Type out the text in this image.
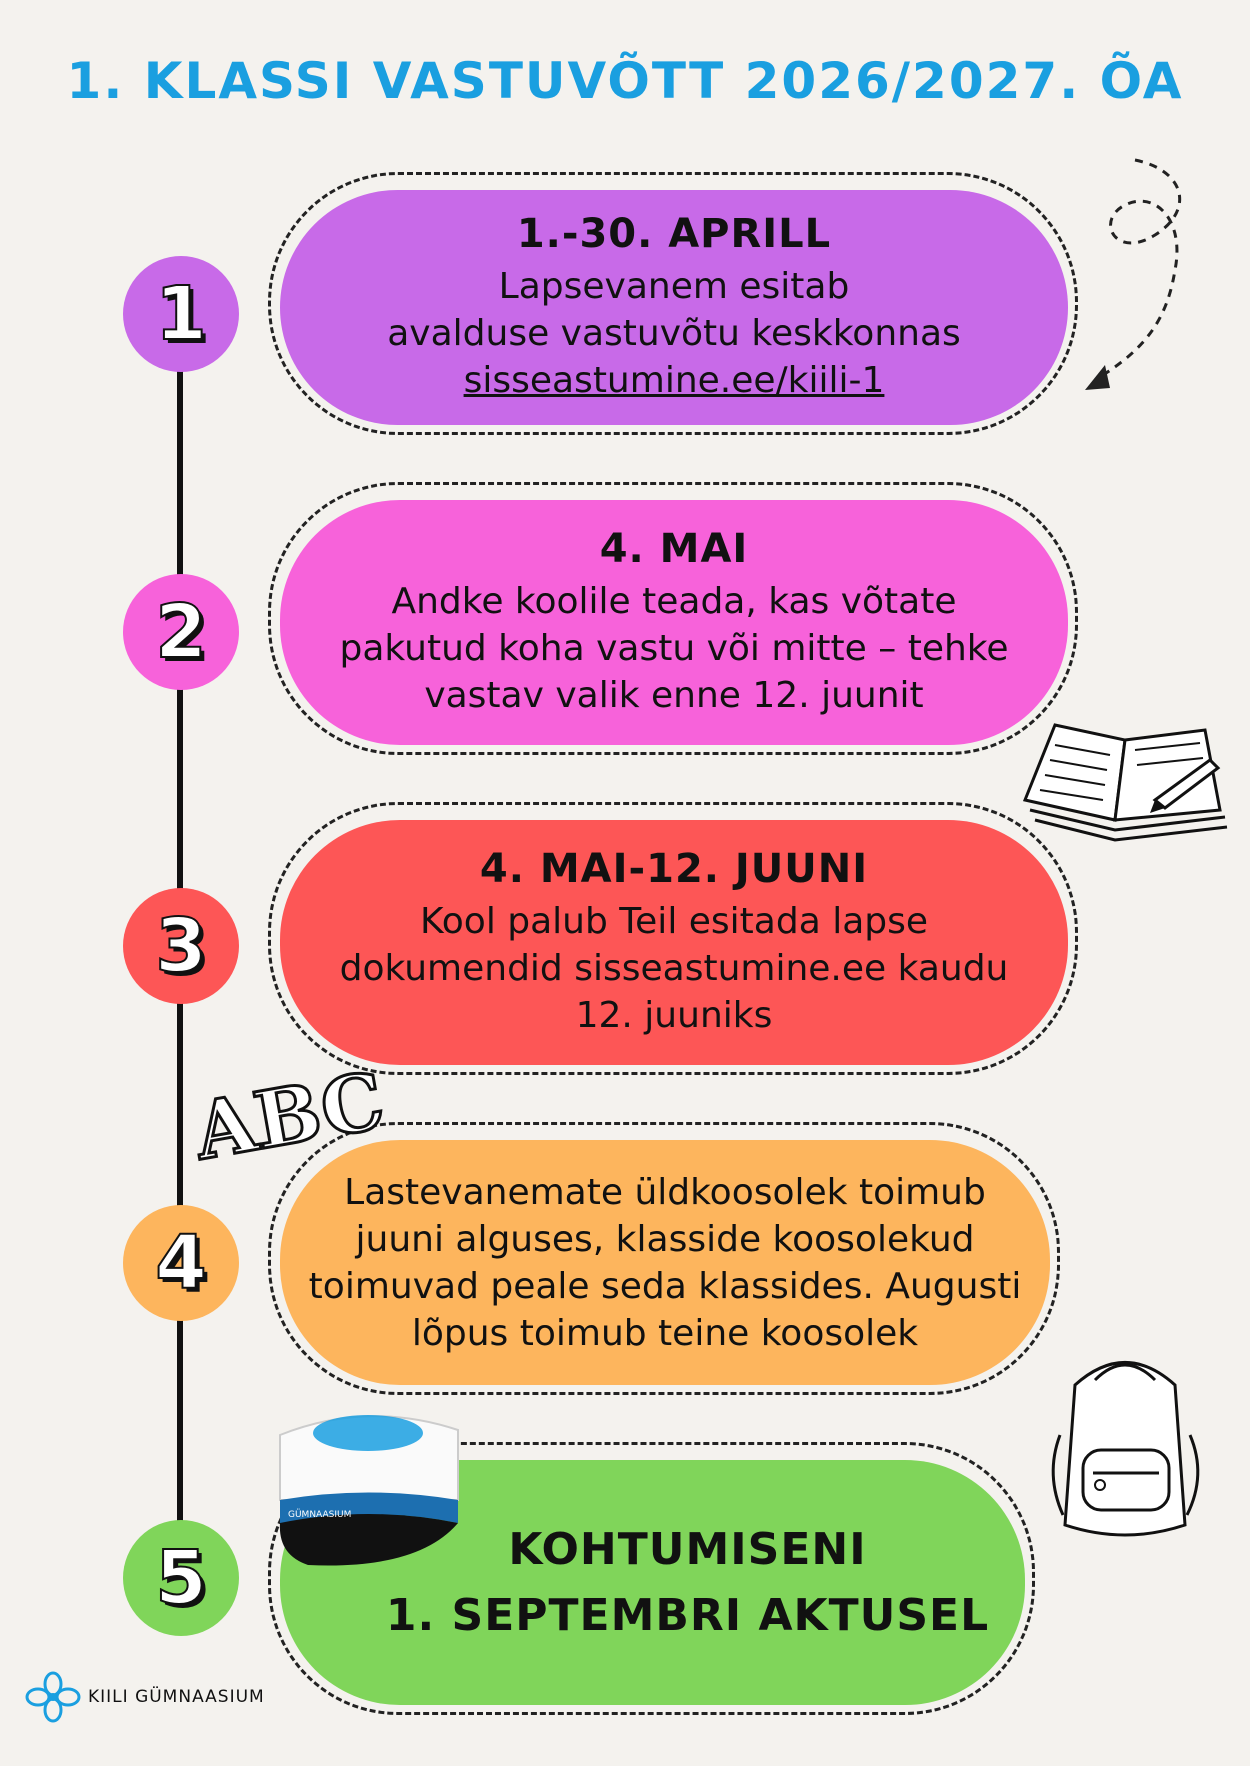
1. KLASSI VASTUVÕTT 2026/2027. ÕA
1
2
3
4
5
1.-30. APRILL
Lapsevanem esitab
avalduse vastuvõtu keskkonnas
sisseastumine.ee/kiili-1
4. MAI
Andke koolile teada, kas võtate
pakutud koha vastu või mitte – tehke
vastav valik enne 12. juunit
4. MAI-12. JUUNI
Kool palub Teil esitada lapse
dokumendid sisseastumine.ee kaudu
12. juuniks
Lastevanemate üldkoosolek toimub
juuni alguses, klasside koosolekud
toimuvad peale seda klassides. Augusti
lõpus toimub teine koosolek
KOHTUMISENI
1. SEPTEMBRI AKTUSEL
ABC
GÜMNAASIUM
KIILI GÜMNAASIUM
